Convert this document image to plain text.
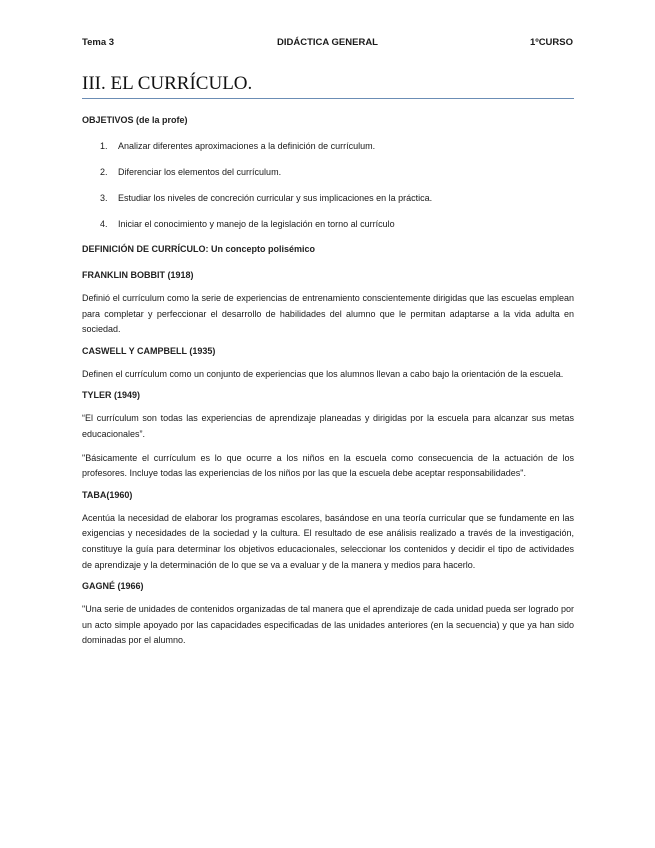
Tema 3	DIDÁCTICA GENERAL	1ºCURSO
III. EL CURRÍCULO.

OBJETIVOS (de la profe)

1. Analizar diferentes aproximaciones a la definición de currículum.
2. Diferenciar los elementos del currículum.
3. Estudiar los niveles de concreción curricular y sus implicaciones en la práctica.
4. Iniciar el conocimiento y manejo de la legislación en torno al currículo

DEFINICIÓN DE CURRÍCULO: Un concepto polisémico

FRANKLIN BOBBIT (1918)

Definió el currículum como la serie de experiencias de entrenamiento conscientemente dirigidas que las escuelas emplean para completar y perfeccionar el desarrollo de habilidades del alumno que le permitan adaptarse a la vida adulta en sociedad.

CASWELL Y CAMPBELL (1935)

Definen el currículum como un conjunto de experiencias que los alumnos llevan a cabo bajo la orientación de la escuela.

TYLER (1949)

“El currículum son todas las experiencias de aprendizaje planeadas y dirigidas por la escuela para alcanzar sus metas educacionales”.

"Básicamente el currículum es lo que ocurre a los niños en la escuela como consecuencia de la actuación de los profesores. Incluye todas las experiencias de los niños por las que la escuela debe aceptar responsabilidades".

TABA(1960)

Acentúa la necesidad de elaborar los programas escolares, basándose en una teoría curricular que se fundamente en las exigencias y necesidades de la sociedad y la cultura. El resultado de ese análisis realizado a través de la investigación, constituye la guía para determinar los objetivos educacionales, seleccionar los contenidos y decidir el tipo de actividades de aprendizaje y la determinación de lo que se va a evaluar y de la manera y medios para hacerlo.

GAGNÉ (1966)

"Una serie de unidades de contenidos organizadas de tal manera que el aprendizaje de cada unidad pueda ser logrado por un acto simple apoyado por las capacidades especificadas de las unidades anteriores (en la secuencia) y que ya han sido dominadas por el alumno.
